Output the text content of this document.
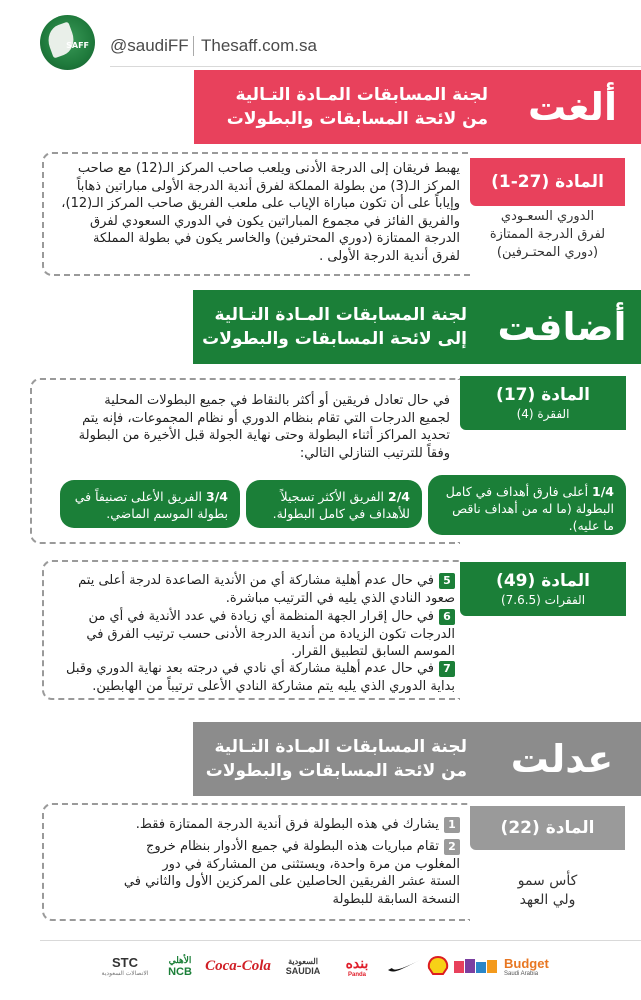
SAFF @saudiFF Thesaff.com.sa
لجنة المسابقات المـادة التـالية
من لائحة المسابقات والبطولات	ألغت
المادة (27-1)
الدوري السعـودي
لفرق الدرجة الممتازة
(دوري المحتـرفين)
يهبط فريقان إلى الدرجة الأدنى ويلعب صاحب المركز الـ(12) مع صاحب
المركز الـ(3) من بطولة المملكة لفرق أندية الدرجة الأولى مباراتين ذهاباً
وإياباً على أن تكون مباراة الإياب على ملعب الفريق صاحب المركز الـ(12)،
والفريق الفائز في مجموع المباراتين يكون في الدوري السعودي لفرق
الدرجة الممتازة (دوري المحترفين) والخاسر يكون في بطولة المملكة
لفرق أندية الدرجة الأولى .
لجنة المسابقات المـادة التـالية
إلى لائحة المسابقات والبطولات أضافت
المادة (17)
الفقرة (4)
في حال تعادل فريقين أو أكثر بالنقاط في جميع البطولات المحلية
لجميع الدرجات التي تقام بنظام الدوري أو نظام المجموعات، فإنه يتم
تحديد المراكز أثناء البطولة وحتى نهاية الجولة قبل الأخيرة من البطولة
وفقاً للترتيب التنازلي التالي:
1/4 أعلى فارق أهداف في كامل
البطولة (ما له من أهداف ناقص
ما عليه).
2/4 الفريق الأكثر تسجيلاً
للأهداف في كامل البطولة.
3/4 الفريق الأعلى تصنيفاً في
بطولة الموسم الماضي.
المادة (49)
الفقرات (7.6.5)
5في حال عدم أهلية مشاركة أي من الأندية الصاعدة لدرجة أعلى يتم
صعود النادي الذي يليه في الترتيب مباشرة.
6في حال إقرار الجهة المنظمة أي زيادة في عدد الأندية في أي من
الدرجات تكون الزيادة من أندية الدرجة الأدنى حسب ترتيب الفرق في
الموسم السابق لتطبيق القرار.
7في حال عدم أهلية مشاركة أي نادي في درجته بعد نهاية الدوري وقبل
بداية الدوري الذي يليه يتم مشاركة النادي الأعلى ترتيباً من الهابطين.
لجنة المسابقات المـادة التـالية
من لائحة المسابقات والبطولات	عدلت
المادة (22)
كأس سمو
ولي العهد
1يشارك في هذه البطولة فرق أندية الدرجة الممتازة فقط.
2تقام مباريات هذه البطولة في جميع الأدوار بنظام خروج
المغلوب من مرة واحدة، ويستثنى من المشاركة في دور
الستة عشر الفريقين الحاصلين على المركزين الأول والثاني في
النسخة السابقة للبطولة
STC
الاتصالات السعودية
الأهلي
NCB Coca-Cola السعودية
SAUDIA بنده
Panda
Budget
Saudi Arabia
